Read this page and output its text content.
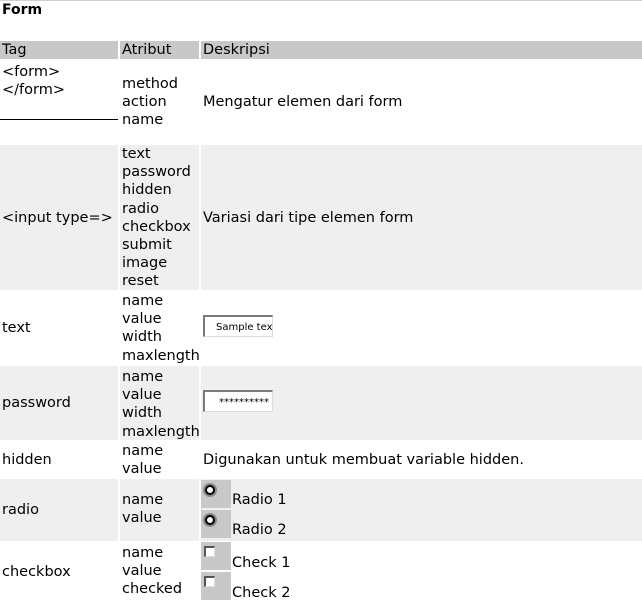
Form
Tag	Atribut Deskripsi
<form>
</form>	method
action
name
Mengatur elemen dari form
<input type=>
text
password
hidden
radio
checkbox
submit
image
reset
Variasi dari tipe elemen form
text
name
value
width
maxlength
Sample tex
password
name
value
width
maxlength
**********
hidden
name
value
Digunakan untuk membuat variable hidden.
radio
name
value
Radio 1
Radio 2
checkbox
name
value
checked
Check 1
Check 2
